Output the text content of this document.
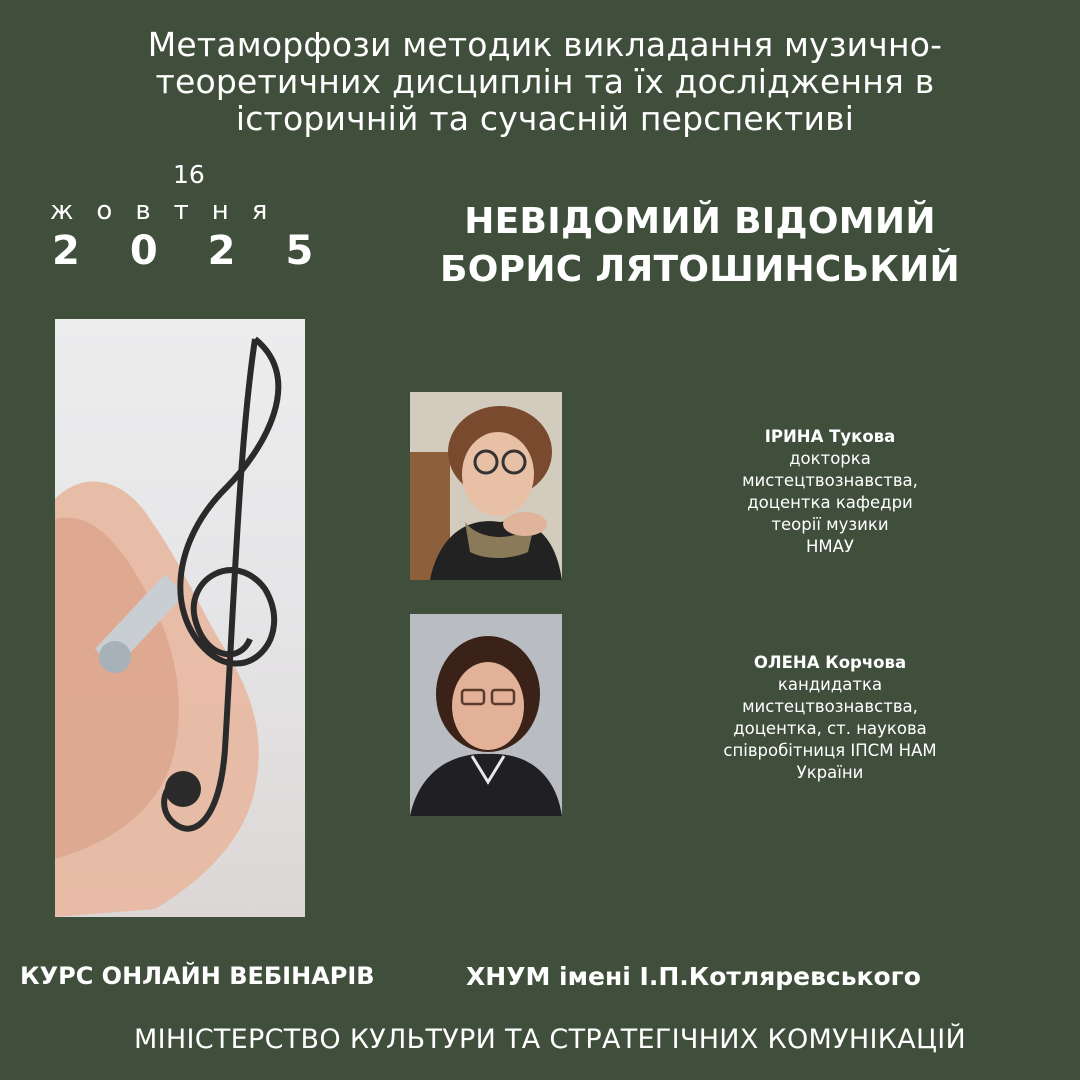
Метаморфози методик викладання музично-теоретичних дисциплін та їх дослідження в історичній та сучасній перспективі
16
жовтня
2025
НЕВІДОМИЙ ВІДОМИЙ
БОРИС ЛЯТОШИНСЬКИЙ
ІРИНА Тукова
докторка
мистецтвознавства,
доцентка кафедри
теорії музики
НМАУ
ОЛЕНА Корчова
кандидатка
мистецтвознавства,
доцентка, ст. наукова
співробітниця ІПСМ НАМ
України
КУРС ОНЛАЙН ВЕБІНАРІВ	ХНУМ імені І.П.Котляревського
МІНІСТЕРСТВО КУЛЬТУРИ ТА СТРАТЕГІЧНИХ КОМУНІКАЦІЙ
